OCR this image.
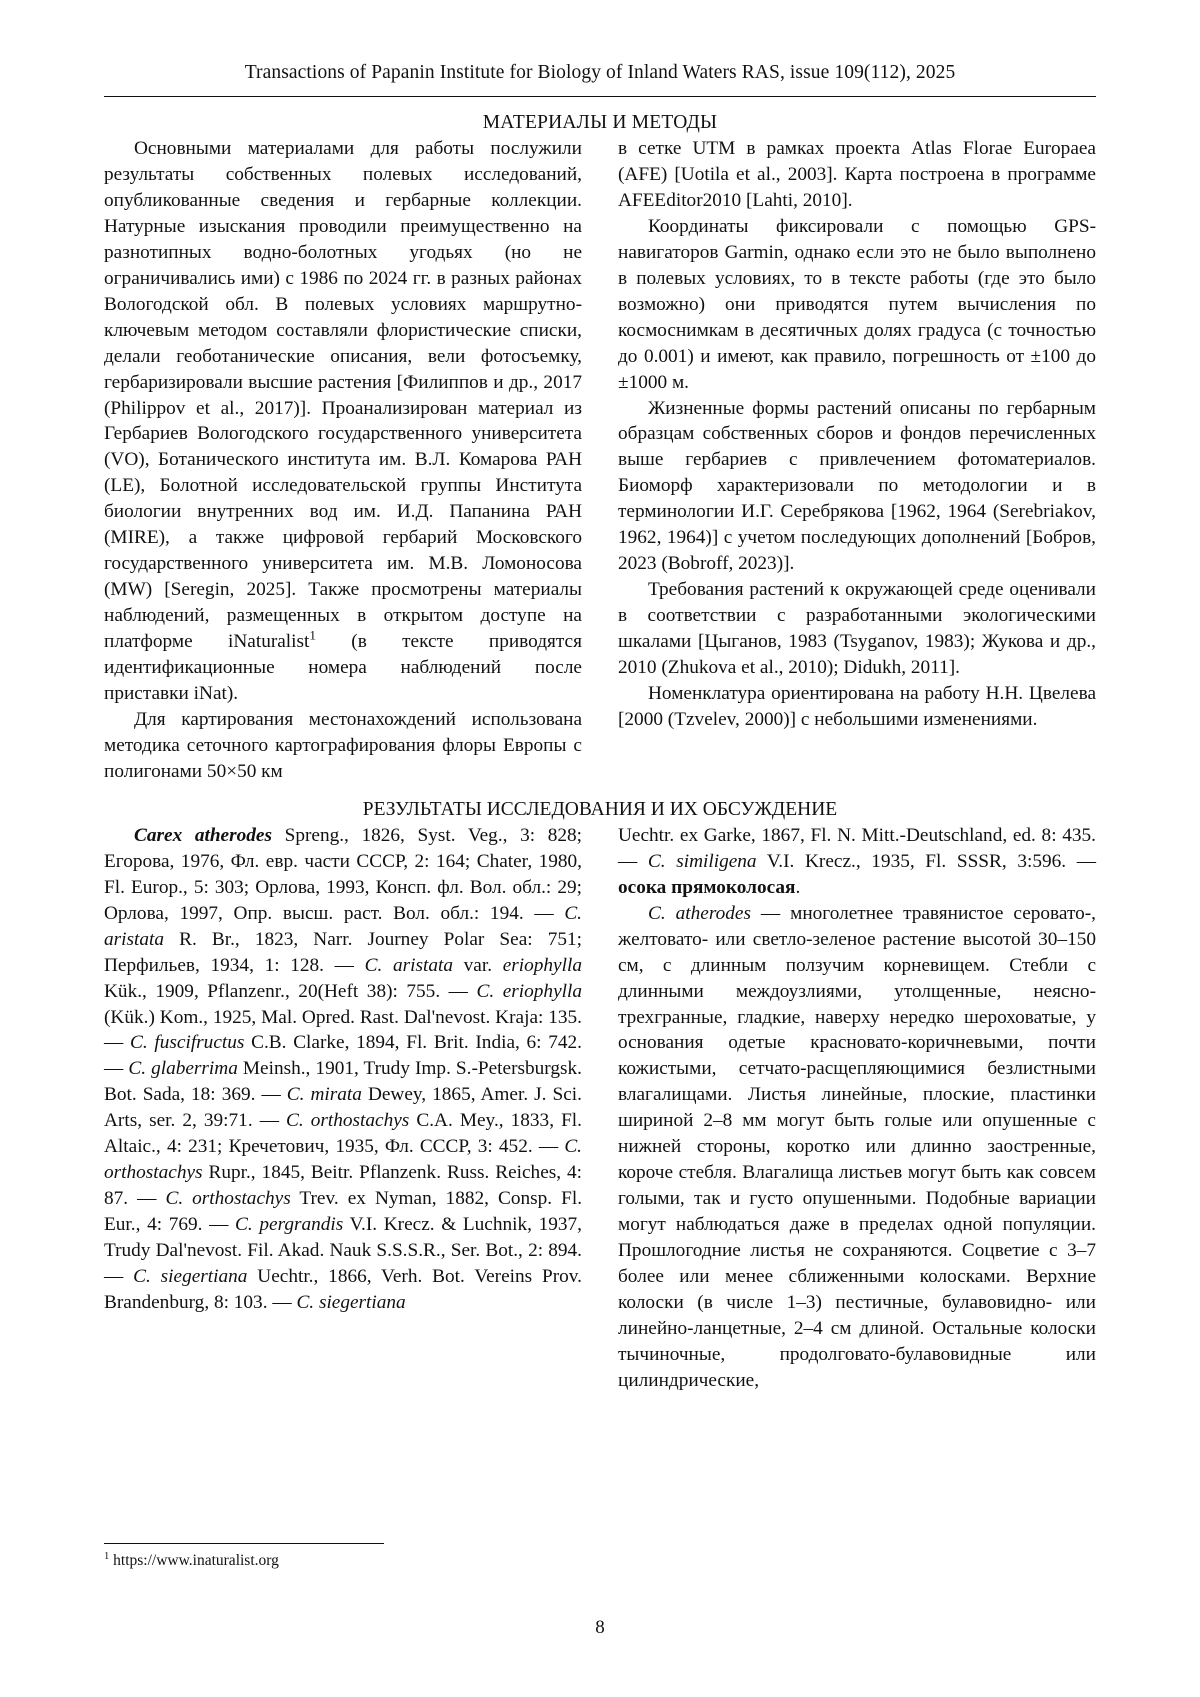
Transactions of Papanin Institute for Biology of Inland Waters RAS, issue 109(112), 2025
МАТЕРИАЛЫ И МЕТОДЫ

Основными материалами для работы послужили результаты собственных полевых исследований, опубликованные сведения и гербарные коллекции. Натурные изыскания проводили преимущественно на разнотипных водно-болотных угодьях (но не ограничивались ими) с 1986 по 2024 гг. в разных районах Вологодской обл. В полевых условиях маршрутно-ключевым методом составляли флористические списки, делали геоботанические описания, вели фотосъемку, гербаризировали высшие растения [Филиппов и др., 2017 (Philippov et al., 2017)]. Проанализирован материал из Гербариев Вологодского государственного университета (VO), Ботанического института им. В.Л. Комарова РАН (LE), Болотной исследовательской группы Института биологии внутренних вод им. И.Д. Папанина РАН (MIRE), а также цифровой гербарий Московского государственного университета им. М.В. Ломоносова (MW) [Seregin, 2025]. Также просмотрены материалы наблюдений, размещенных в открытом доступе на платформе iNaturalist$^1$ (в тексте приводятся идентификационные номера наблюдений после приставки iNat).

Для картирования местонахождений использована методика сеточного картографирования флоры Европы с полигонами 50×50 км

в сетке UTM в рамках проекта Atlas Florae Europaea (AFE) [Uotila et al., 2003]. Карта построена в программе AFEEditor2010 [Lahti, 2010].

Координаты фиксировали с помощью GPS-навигаторов Garmin, однако если это не было выполнено в полевых условиях, то в тексте работы (где это было возможно) они приводятся путем вычисления по космоснимкам в десятичных долях градуса (с точностью до 0.001) и имеют, как правило, погрешность от ±100 до ±1000 м.

Жизненные формы растений описаны по гербарным образцам собственных сборов и фондов перечисленных выше гербариев с привлечением фотоматериалов. Биоморф характеризовали по методологии и в терминологии И.Г. Серебрякова [1962, 1964 (Serebriakov, 1962, 1964)] с учетом последующих дополнений [Бобров, 2023 (Bobroff, 2023)].

Требования растений к окружающей среде оценивали в соответствии с разработанными экологическими шкалами [Цыганов, 1983 (Tsyganov, 1983); Жукова и др., 2010 (Zhukova et al., 2010); Didukh, 2011].

Номенклатура ориентирована на работу Н.Н. Цвелева [2000 (Tzvelev, 2000)] с небольшими изменениями.

РЕЗУЛЬТАТЫ ИССЛЕДОВАНИЯ И ИХ ОБСУЖДЕНИЕ

Carex atherodes Spreng., 1826, Syst. Veg., 3: 828; Егорова, 1976, Фл. евр. части СССР, 2: 164; Chater, 1980, Fl. Europ., 5: 303; Орлова, 1993, Консп. фл. Вол. обл.: 29; Орлова, 1997, Опр. высш. раст. Вол. обл.: 194. — C. aristata R. Br., 1823, Narr. Journey Polar Sea: 751; Перфильев, 1934, 1: 128. — C. aristata var. eriophylla Kük., 1909, Pflanzenr., 20(Heft 38): 755. — C. eriophylla (Kük.) Kom., 1925, Mal. Opred. Rast. Dal'nevost. Kraja: 135. — C. fuscifructus C.B. Clarke, 1894, Fl. Brit. India, 6: 742. — C. glaberrima Meinsh., 1901, Trudy Imp. S.-Petersburgsk. Bot. Sada, 18: 369. — C. mirata Dewey, 1865, Amer. J. Sci. Arts, ser. 2, 39:71. — C. orthostachys C.A. Mey., 1833, Fl. Altaic., 4: 231; Кречетович, 1935, Фл. СССР, 3: 452. — C. orthostachys Rupr., 1845, Beitr. Pflanzenk. Russ. Reiches, 4: 87. — C. orthostachys Trev. ex Nyman, 1882, Consp. Fl. Eur., 4: 769. — C. pergrandis V.I. Krecz. & Luchnik, 1937, Trudy Dal'nevost. Fil. Akad. Nauk S.S.S.R., Ser. Bot., 2: 894. — C. siegertiana Uechtr., 1866, Verh. Bot. Vereins Prov. Brandenburg, 8: 103. — C. siegertiana

Uechtr. ex Garke, 1867, Fl. N. Mitt.-Deutschland, ed. 8: 435. — C. similigena V.I. Krecz., 1935, Fl. SSSR, 3:596. — осока прямоколосая.

C. atherodes — многолетнее травянистое серовато-, желтовато- или светло-зеленое растение высотой 30–150 см, с длинным ползучим корневищем. Стебли с длинными междоузлиями, утолщенные, неясно-трехгранные, гладкие, наверху нередко шероховатые, у основания одетые красновато-коричневыми, почти кожистыми, сетчато-расщепляющимися безлистными влагалищами. Листья линейные, плоские, пластинки шириной 2–8 мм могут быть голые или опушенные с нижней стороны, коротко или длинно заостренные, короче стебля. Влагалища листьев могут быть как совсем голыми, так и густо опушенными. Подобные вариации могут наблюдаться даже в пределах одной популяции. Прошлогодние листья не сохраняются. Соцветие с 3–7 более или менее сближенными колосками. Верхние колоски (в числе 1–3) пестичные, булавовидно- или линейно-ланцетные, 2–4 см длиной. Остальные колоски тычиночные, продолговато-булавовидные или цилиндрические,

$^1$ https://www.inaturalist.org
8
